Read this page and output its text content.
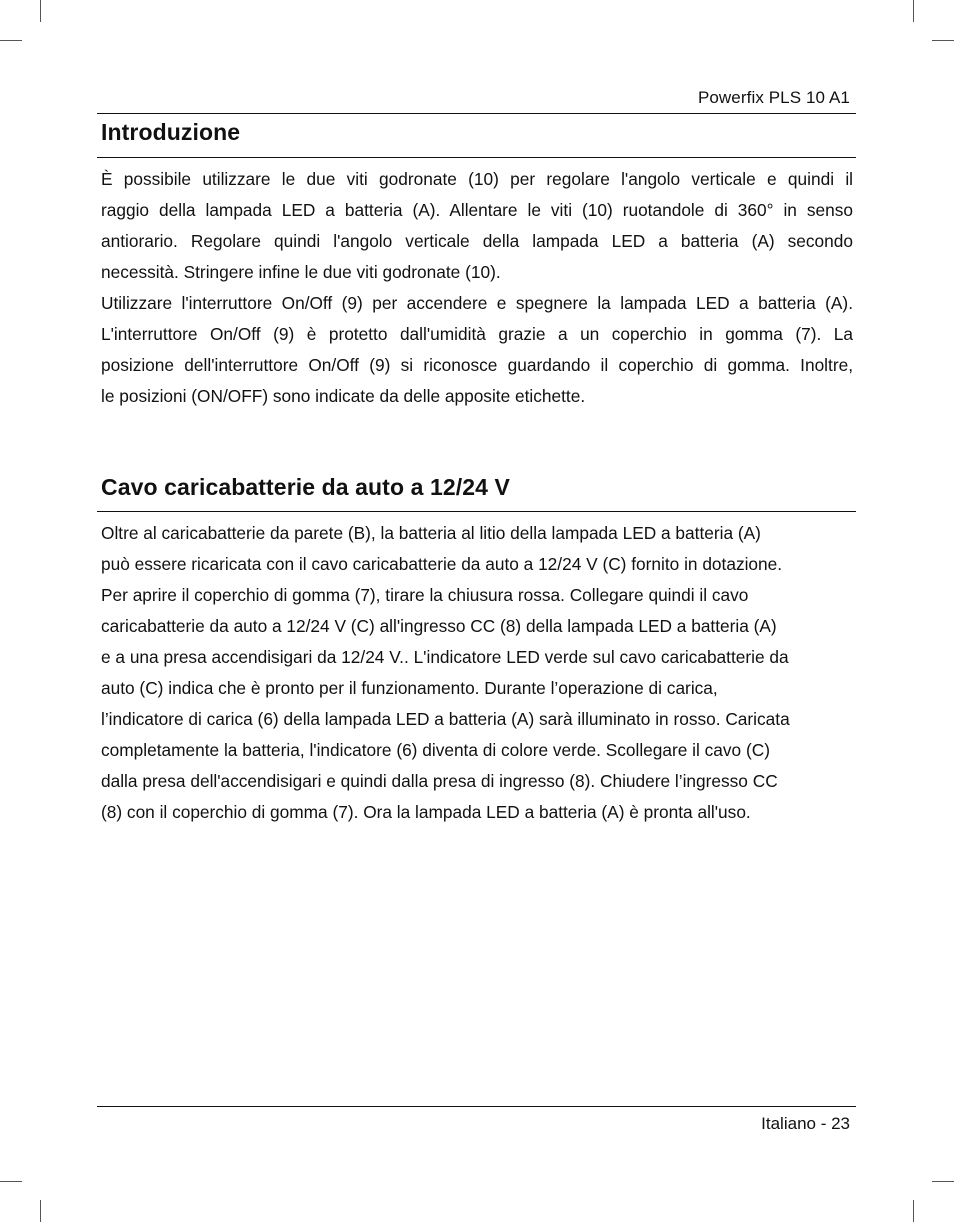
Powerfix PLS 10 A1
Introduzione
È possibile utilizzare le due viti godronate (10) per regolare l'angolo verticale e quindi il
raggio della lampada LED a batteria (A). Allentare le viti (10) ruotandole di 360° in senso
antiorario. Regolare quindi l'angolo verticale della lampada LED a batteria (A) secondo
necessità. Stringere infine le due viti godronate (10).
Utilizzare l'interruttore On/Off (9) per accendere e spegnere la lampada LED a batteria (A).
L'interruttore On/Off (9) è protetto dall'umidità grazie a un coperchio in gomma (7). La
posizione dell'interruttore On/Off (9) si riconosce guardando il coperchio di gomma. Inoltre,
le posizioni (ON/OFF) sono indicate da delle apposite etichette.
Cavo caricabatterie da auto a 12/24 V
Oltre al caricabatterie da parete (B), la batteria al litio della lampada LED a batteria (A)
può essere ricaricata con il cavo caricabatterie da auto a 12/24 V (C) fornito in dotazione.
Per aprire il coperchio di gomma (7), tirare la chiusura rossa. Collegare quindi il cavo
caricabatterie da auto a 12/24 V (C) all'ingresso CC (8) della lampada LED a batteria (A)
e a una presa accendisigari da 12/24 V.. L'indicatore LED verde sul cavo caricabatterie da
auto (C) indica che è pronto per il funzionamento. Durante l’operazione di carica,
l’indicatore di carica (6) della lampada LED a batteria (A) sarà illuminato in rosso. Caricata
completamente la batteria, l'indicatore (6) diventa di colore verde. Scollegare il cavo (C)
dalla presa dell'accendisigari e quindi dalla presa di ingresso (8). Chiudere l’ingresso CC
(8) con il coperchio di gomma (7). Ora la lampada LED a batteria (A) è pronta all'uso.
Italiano - 23
